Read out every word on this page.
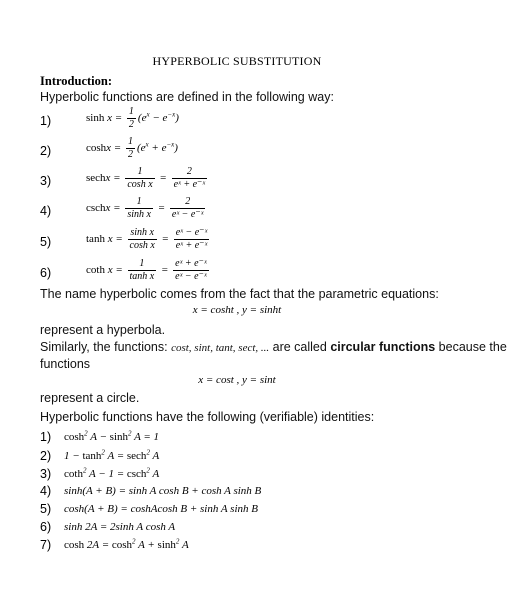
HYPERBOLIC SUBSTITUTION
Introduction:
Hyperbolic functions are defined in the following way:
1)	$\sinh x = \frac{1}{2} (e^x - e^{-x})$
2)	$\cosh x = \frac{1}{2} (e^x + e^{-x})$
3)	sechx = $\frac{1}{\text{cosh x}} = \frac{2}{\text{eˣ + e⁻ˣ}}$
4)	cschx = $\frac{1}{\text{sinh x}} = \frac{2}{\text{eˣ − e⁻ˣ}}$
5)	$\tanh x = \frac{\text{sinh x}}{\text{cosh x}} = \frac{\text{eˣ − e⁻ˣ}}{\text{eˣ + e⁻ˣ}}$
6)	coth $x = \frac{1}{\text{tanh x}} = \frac{\text{eˣ + e⁻ˣ}}{\text{eˣ − e⁻ˣ}}$
The name hyperbolic comes from the fact that the parametric equations:
x = cosht , y = sinht
represent a hyperbola.
Similarly, the functions: cost, sint, tant, sect, ... are called circular functions because the
functions
x = cost , y = sint
represent a circle.
Hyperbolic functions have the following (verifiable) identities:
1)	$\cosh^2 A - \sinh^2 A = 1$
2)	$1 - \tanh^2 A = \sec h^2$ A
3)	coth$^2$ A − 1 = csch$^2$ A
4)	sinh(A + B) = sinh A cosh B + cosh A sinh B
5)	cosh(A + B) = coshAcosh B + sinh A sinh B
6)	sinh 2A = 2sinh A cosh A
7)	$\cosh 2A = \cosh^2 A + \sinh^2 A$
